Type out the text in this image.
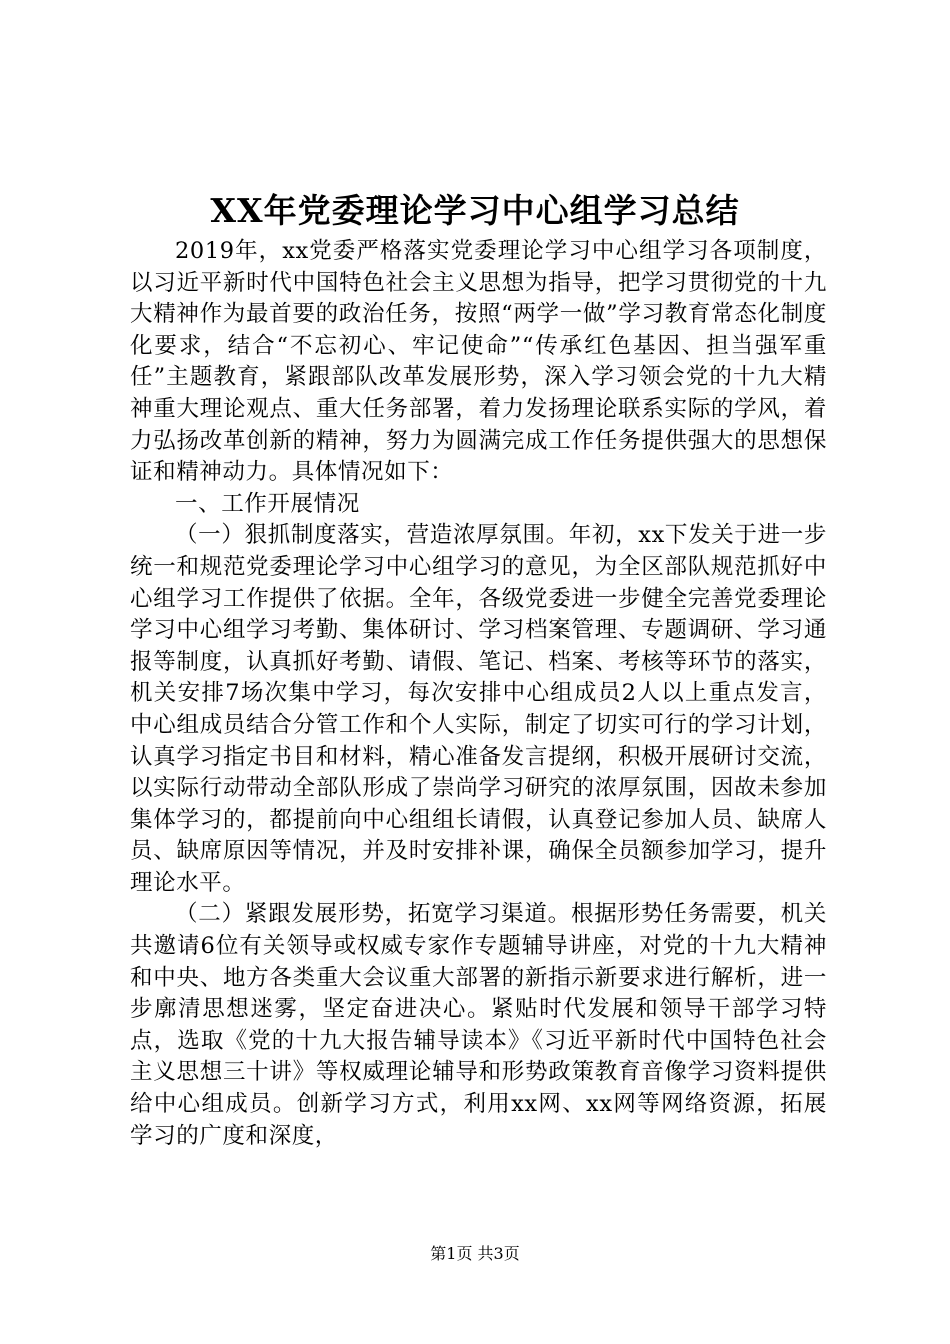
XX年党委理论学习中心组学习总结

2019年，xx党委严格落实党委理论学习中心组学习各项制度，以习近平新时代中国特色社会主义思想为指导，把学习贯彻党的十九大精神作为最首要的政治任务，按照“两学一做”学习教育常态化制度化要求，结合“不忘初心、牢记使命”“传承红色基因、担当强军重任”主题教育，紧跟部队改革发展形势，深入学习领会党的十九大精神重大理论观点、重大任务部署，着力发扬理论联系实际的学风，着力弘扬改革创新的精神，努力为圆满完成工作任务提供强大的思想保证和精神动力。具体情况如下：

一、工作开展情况

（一）狠抓制度落实，营造浓厚氛围。年初，xx下发关于进一步统一和规范党委理论学习中心组学习的意见，为全区部队规范抓好中心组学习工作提供了依据。全年，各级党委进一步健全完善党委理论学习中心组学习考勤、集体研讨、学习档案管理、专题调研、学习通报等制度，认真抓好考勤、请假、笔记、档案、考核等环节的落实，机关安排7场次集中学习，每次安排中心组成员2人以上重点发言，中心组成员结合分管工作和个人实际，制定了切实可行的学习计划，认真学习指定书目和材料，精心准备发言提纲，积极开展研讨交流，以实际行动带动全部队形成了崇尚学习研究的浓厚氛围，因故未参加集体学习的，都提前向中心组组长请假，认真登记参加人员、缺席人员、缺席原因等情况，并及时安排补课，确保全员额参加学习，提升理论水平。

（二）紧跟发展形势，拓宽学习渠道。根据形势任务需要，机关共邀请6位有关领导或权威专家作专题辅导讲座，对党的十九大精神和中央、地方各类重大会议重大部署的新指示新要求进行解析，进一步廓清思想迷雾，坚定奋进决心。紧贴时代发展和领导干部学习特点，选取《党的十九大报告辅导读本》《习近平新时代中国特色社会主义思想三十讲》等权威理论辅导和形势政策教育音像学习资料提供给中心组成员。创新学习方式，利用xx网、xx网等网络资源，拓展学习的广度和深度，

第1页 共3页
